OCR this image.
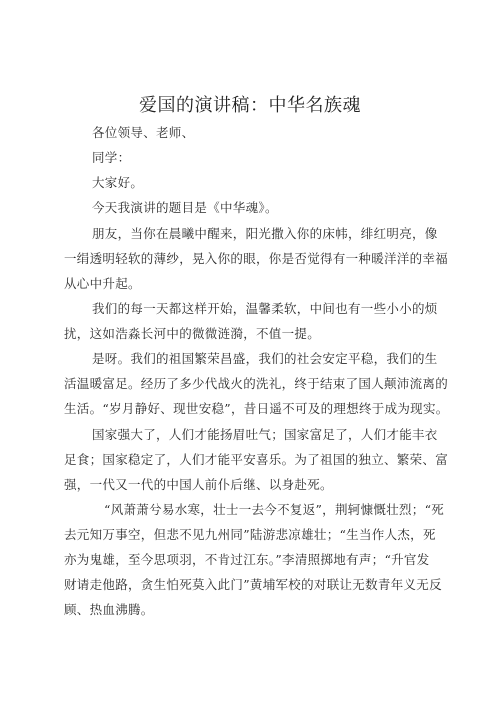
爱国的演讲稿：中华名族魂
各位领导、老师、
同学：
大家好。
今天我演讲的题目是《中华魂》。
朋友，当你在晨曦中醒来，阳光撒入你的床帏，绯红明亮，像
一绢透明轻软的薄纱，晃入你的眼，你是否觉得有一种暖洋洋的幸福
从心中升起。
我们的每一天都这样开始，温馨柔软，中间也有一些小小的烦
扰，这如浩淼长河中的微微涟漪，不值一提。
是呀。我们的祖国繁荣昌盛，我们的社会安定平稳，我们的生
活温暖富足。经历了多少代战火的洗礼，终于结束了国人颠沛流离的
生活。“岁月静好、现世安稳”，昔日遥不可及的理想终于成为现实。
国家强大了，人们才能扬眉吐气；国家富足了，人们才能丰衣
足食；国家稳定了，人们才能平安喜乐。为了祖国的独立、繁荣、富
强，一代又一代的中国人前仆后继、以身赴死。
“风萧萧兮易水寒，壮士一去今不复返”，荆轲慷慨壮烈；“死
去元知万事空，但悲不见九州同”陆游悲凉雄壮；“生当作人杰，死
亦为鬼雄，至今思项羽，不肯过江东。”李清照掷地有声；“升官发
财请走他路，贪生怕死莫入此门”黄埔军校的对联让无数青年义无反
顾、热血沸腾。
